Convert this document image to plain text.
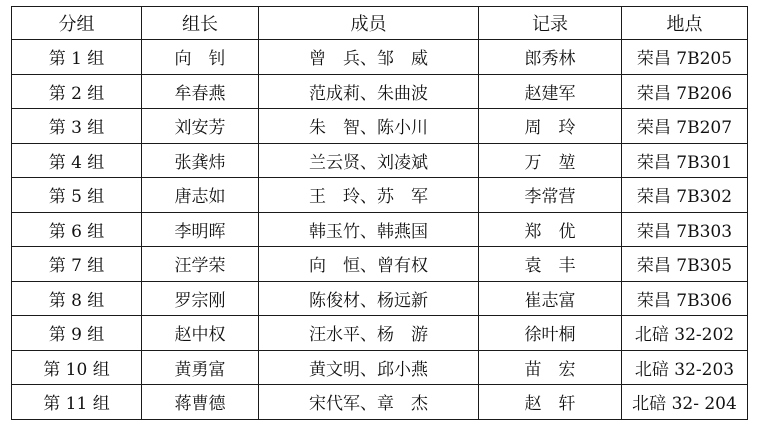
分组	组长	成员	记录	地点
第 1 组	向　钊	曾　兵、邹　威	郎秀林	荣昌 7B205
第 2 组	牟春燕	范成莉、朱曲波	赵建军	荣昌 7B206
第 3 组	刘安芳	朱　智、陈小川	周　玲	荣昌 7B207
第 4 组	张龚炜	兰云贤、刘凌斌	万　堃	荣昌 7B301
第 5 组	唐志如	王　玲、苏　军	李常营	荣昌 7B302
第 6 组	李明晖	韩玉竹、韩燕国	郑　优	荣昌 7B303
第 7 组	汪学荣	向　恒、曾有权	袁　丰	荣昌 7B305
第 8 组	罗宗刚	陈俊材、杨远新	崔志富	荣昌 7B306
第 9 组	赵中权	汪水平、杨　游	徐叶桐	北碚 32-202
第 10 组	黄勇富	黄文明、邱小燕	苗　宏	北碚 32-203
第 11 组	蒋曹德	宋代军、章　杰	赵　轩	北碚 32- 204
